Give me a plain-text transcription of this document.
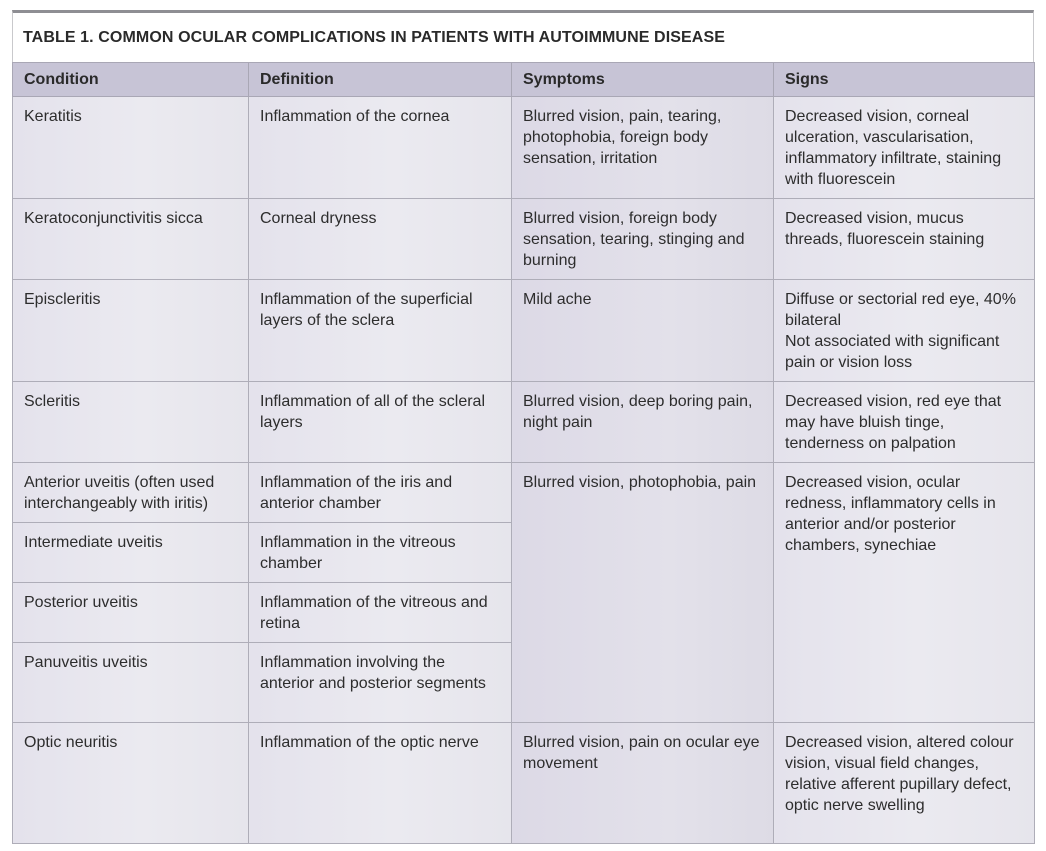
TABLE 1. COMMON OCULAR COMPLICATIONS IN PATIENTS WITH AUTOIMMUNE DISEASE
Condition	Definition	Symptoms	Signs
Keratitis	Inflammation of the cornea	Blurred vision, pain, tearing, photophobia, foreign body sensation, irritation	Decreased vision, corneal ulceration, vascularisation, inflammatory infiltrate, staining with fluorescein
Keratoconjunctivitis sicca	Corneal dryness	Blurred vision, foreign body sensation, tearing, stinging and burning	Decreased vision, mucus threads, fluorescein staining
Episcleritis	Inflammation of the superficial layers of the sclera	Mild ache	Diffuse or sectorial red eye, 40% bilateral
Not associated with significant pain or vision loss

Scleritis	Inflammation of all of the scleral layers	Blurred vision, deep boring pain, night pain	Decreased vision, red eye that may have bluish tinge, tenderness on palpation
Anterior uveitis (often used interchangeably with iritis)	Inflammation of the iris and anterior chamber	Blurred vision, photophobia, pain	Decreased vision, ocular redness, inflammatory cells in anterior and/or posterior chambers, synechiae
Intermediate uveitis	Inflammation in the vitreous chamber		
Posterior uveitis	Inflammation of the vitreous and retina		
Panuveitis uveitis	Inflammation involving the anterior and posterior segments		
Optic neuritis	Inflammation of the optic nerve	Blurred vision, pain on ocular eye movement	Decreased vision, altered colour vision, visual field changes, relative afferent pupillary defect, optic nerve swelling
